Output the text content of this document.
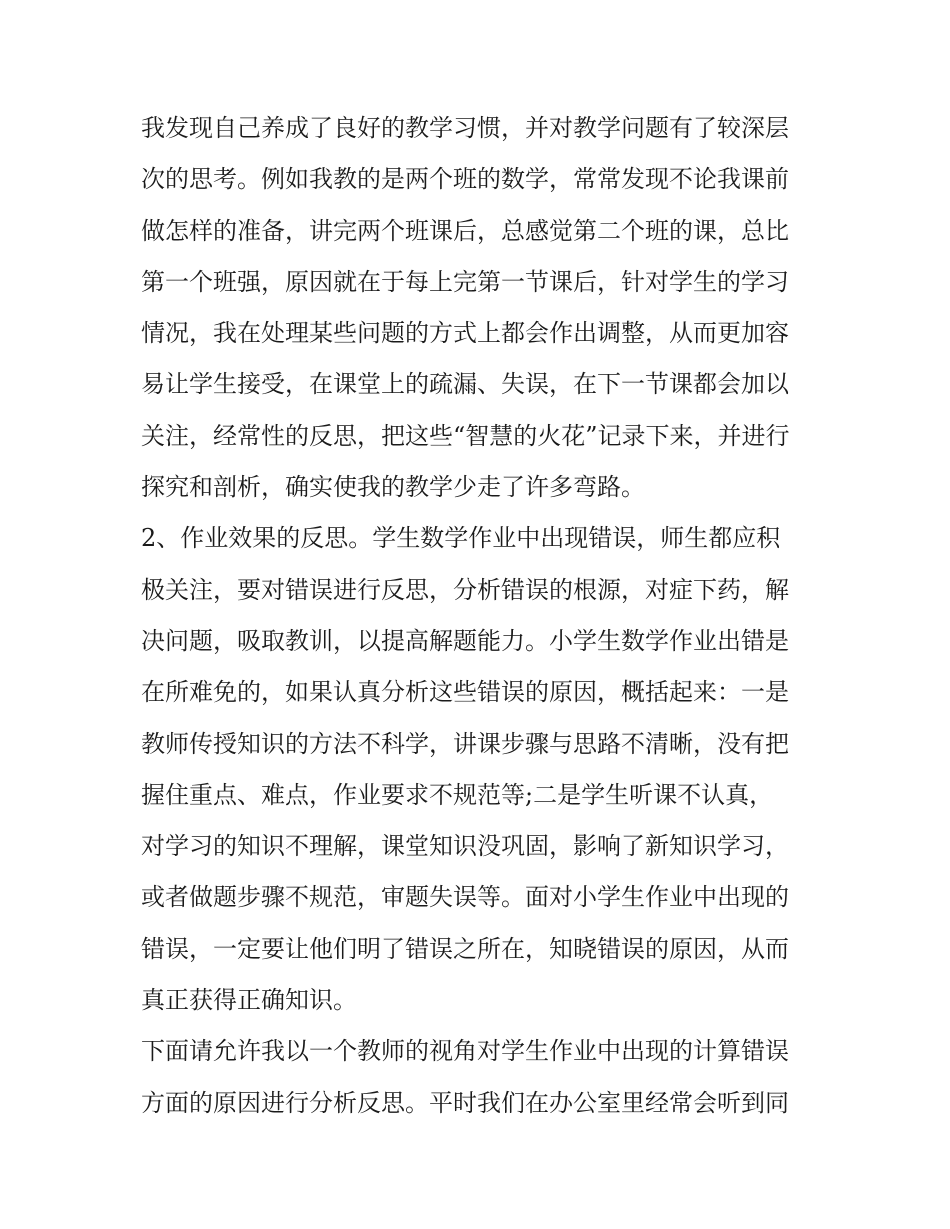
我发现自己养成了良好的教学习惯，并对教学问题有了较深层
次的思考。例如我教的是两个班的数学，常常发现不论我课前
做怎样的准备，讲完两个班课后，总感觉第二个班的课，总比
第一个班强，原因就在于每上完第一节课后，针对学生的学习
情况，我在处理某些问题的方式上都会作出调整，从而更加容
易让学生接受，在课堂上的疏漏、失误，在下一节课都会加以
关注，经常性的反思，把这些“智慧的火花”记录下来，并进行
探究和剖析，确实使我的教学少走了许多弯路。
2、作业效果的反思。学生数学作业中出现错误，师生都应积
极关注，要对错误进行反思，分析错误的根源，对症下药，解
决问题，吸取教训，以提高解题能力。小学生数学作业出错是
在所难免的，如果认真分析这些错误的原因，概括起来：一是
教师传授知识的方法不科学，讲课步骤与思路不清晰，没有把
握住重点、难点，作业要求不规范等;二是学生听课不认真，
对学习的知识不理解，课堂知识没巩固，影响了新知识学习，
或者做题步骤不规范，审题失误等。面对小学生作业中出现的
错误，一定要让他们明了错误之所在，知晓错误的原因，从而
真正获得正确知识。
下面请允许我以一个教师的视角对学生作业中出现的计算错误
方面的原因进行分析反思。平时我们在办公室里经常会听到同
